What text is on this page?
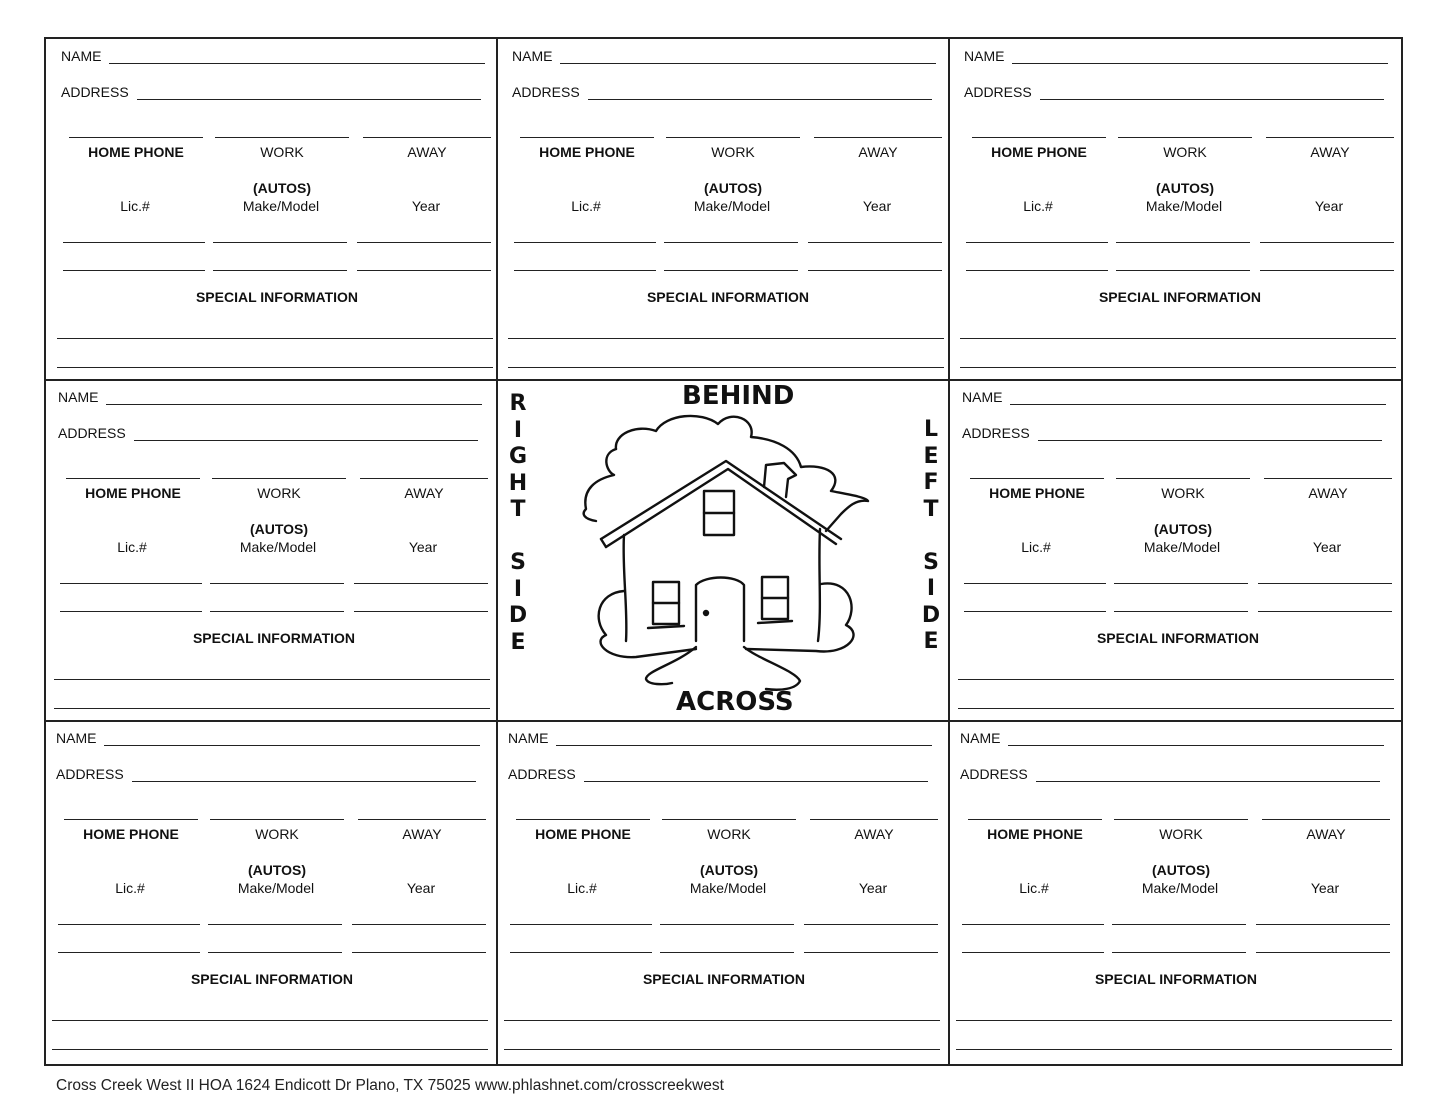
NAME
ADDRESS
HOME PHONE	WORK	AWAY
(AUTOS)
Lic.#	Make/Model	Year
SPECIAL INFORMATION
NAME
ADDRESS
HOME PHONE	WORK	AWAY
(AUTOS)
Lic.#	Make/Model	Year
SPECIAL INFORMATION
NAME
ADDRESS
HOME PHONE	WORK	AWAY
(AUTOS)
Lic.#	Make/Model	Year
SPECIAL INFORMATION
NAME
ADDRESS
HOME PHONE	WORK	AWAY
(AUTOS)
Lic.#	Make/Model	Year
SPECIAL INFORMATION
NAME
ADDRESS
HOME PHONE	WORK	AWAY
(AUTOS)
Lic.#	Make/Model	Year
SPECIAL INFORMATION
NAME
ADDRESS
HOME PHONE	WORK	AWAY
(AUTOS)
Lic.#	Make/Model	Year
SPECIAL INFORMATION
NAME
ADDRESS
HOME PHONE	WORK	AWAY
(AUTOS)
Lic.#	Make/Model	Year
SPECIAL INFORMATION
NAME
ADDRESS
HOME PHONE	WORK	AWAY
(AUTOS)
Lic.#	Make/Model	Year
SPECIAL INFORMATION
BEHIND
ACROSS
R
I
G
H
T
S
I
D
E
L
E
F
T
S
I
D
E
Cross Creek West II HOA 1624 Endicott Dr Plano, TX 75025 www.phlashnet.com/crosscreekwest
